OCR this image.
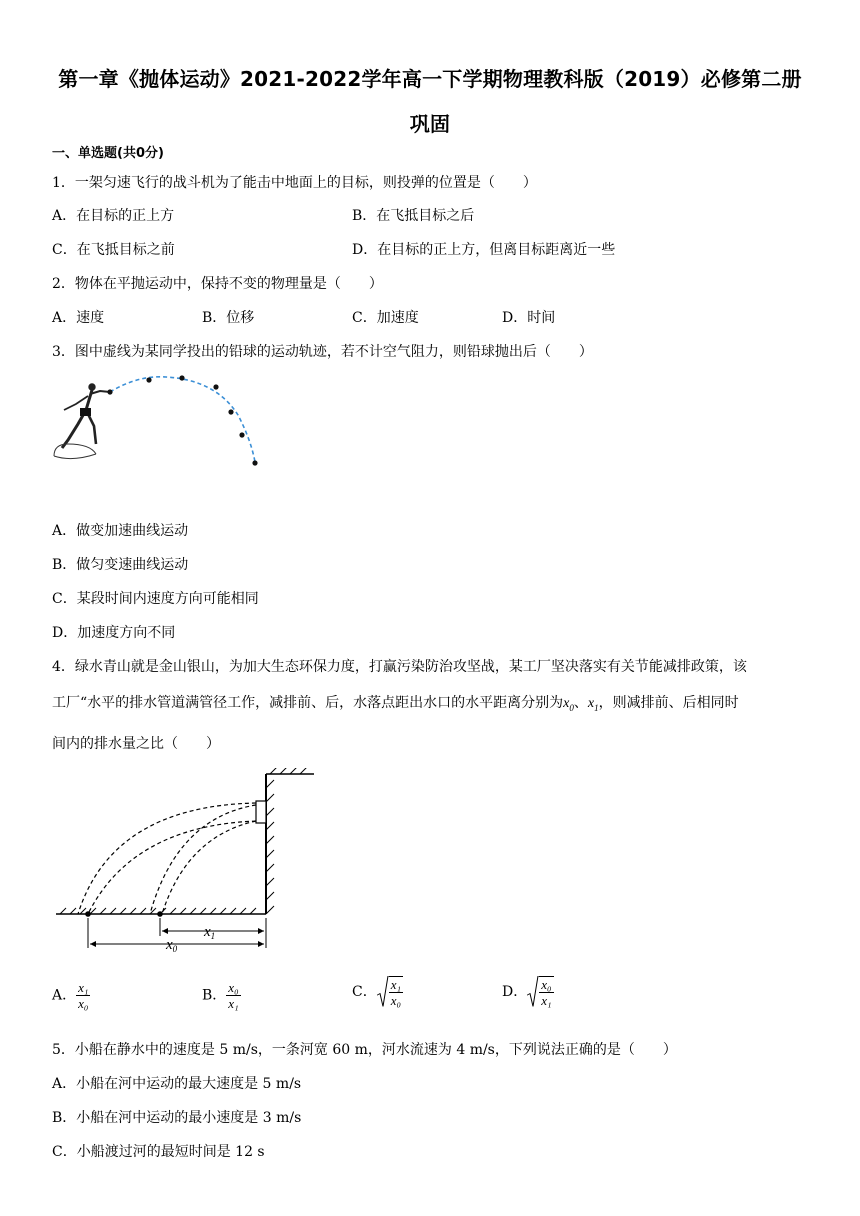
第一章《抛体运动》2021-2022学年高一下学期物理教科版（2019）必修第二册
巩固
一、单选题(共0分)
1．一架匀速飞行的战斗机为了能击中地面上的目标，则投弹的位置是（　　）
A．在目标的正上方	B．在飞抵目标之后
C．在飞抵目标之前	D．在目标的正上方，但离目标距离近一些
2．物体在平抛运动中，保持不变的物理量是（　　）
A．速度	B．位移	C．加速度	D．时间
3．图中虚线为某同学投出的铅球的运动轨迹，若不计空气阻力，则铅球抛出后（　　）
A．做变加速曲线运动
B．做匀变速曲线运动
C．某段时间内速度方向可能相同
D．加速度方向不同
4．绿水青山就是金山银山，为加大生态环保力度，打赢污染防治攻坚战，某工厂坚决落实有关节能减排政策，该
工厂“水平的排水管道满管径工作，减排前、后，水落点距出水口的水平距离分别为$x_0$、$x_1$，则减排前、后相同时
间内的排水量之比（　　）
$x_1$
$x_0$
A． $\frac{\text{x₁}}{\text{x₀}}$	B． $\frac{\text{x₀}}{\text{x₁}}$	C． $\frac{\text{x₁}}{\text{x₀}}$	D． $\frac{\text{x₀}}{\text{x₁}}$
5．小船在静水中的速度是 5 m/s，一条河宽 60 m，河水流速为 4 m/s，下列说法正确的是（　　）
A．小船在河中运动的最大速度是 5 m/s
B．小船在河中运动的最小速度是 3 m/s
C．小船渡过河的最短时间是 12 s
